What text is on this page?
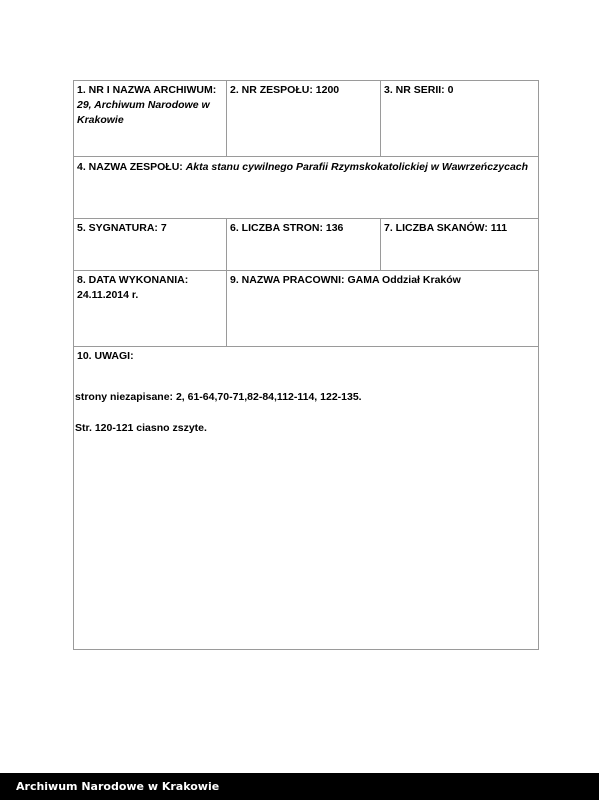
1. NR I NAZWA ARCHIWUM:
29, Archiwum Narodowe w Krakowie
2. NR ZESPOŁU: 1200	3. NR SERII: 0
4. NAZWA ZESPOŁU: Akta stanu cywilnego Parafii Rzymskokatolickiej w Wawrzeńczycach
5. SYGNATURA: 7	6. LICZBA STRON: 136	7. LICZBA SKANÓW: 111
8. DATA WYKONANIA:
24.11.2014 r.
9. NAZWA PRACOWNI: GAMA Oddział Kraków
10. UWAGI:
strony niezapisane: 2, 61-64,70-71,82-84,112-114, 122-135.
Str. 120-121 ciasno zszyte.
Archiwum Narodowe w Krakowie
